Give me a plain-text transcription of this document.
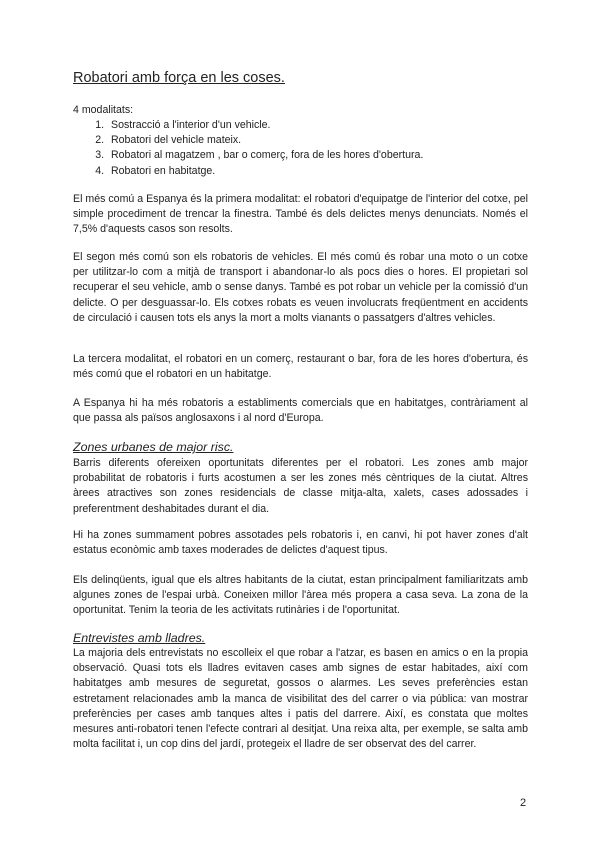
Robatori amb força en les coses.

4 modalitats:

1. Sostracció a l'interior d'un vehicle.
2. Robatori del vehicle mateix.
3. Robatori al magatzem , bar o comerç, fora de les hores d'obertura.
4. Robatori en habitatge.

El més comú a Espanya és la primera modalitat: el robatori d'equipatge de l'interior del cotxe, pel simple procediment de trencar la finestra. També és dels delictes menys denunciats. Només el 7,5% d'aquests casos son resolts.

El segon més comú son els robatoris de vehicles. El més comú és robar una moto o un cotxe per utilitzar-lo com a mitjà de transport i abandonar-lo als pocs dies o hores. El propietari sol recuperar el seu vehicle, amb o sense danys. També es pot robar un vehicle per la comissió d'un delicte. O per desguassar-lo. Els cotxes robats es veuen involucrats freqüentment en accidents de circulació i causen tots els anys la mort a molts vianants o passatgers d'altres vehicles.

La tercera modalitat, el robatori en un comerç, restaurant o bar, fora de les hores d'obertura, és més comú que el robatori en un habitatge.

A Espanya hi ha més robatoris a establiments comercials que en habitatges, contràriament al que passa als països anglosaxons i al nord d'Europa.

Zones urbanes de major risc.

Barris diferents ofereixen oportunitats diferentes per el robatori. Les zones amb major probabilitat de robatoris i furts acostumen a ser les zones més cèntriques de la ciutat. Altres àrees atractives son zones residencials de classe mitja-alta, xalets, cases adossades i preferentment deshabitades durant el dia.

Hi ha zones summament pobres assotades pels robatoris i, en canvi, hi pot haver zones d'alt estatus econòmic amb taxes moderades de delictes d'aquest tipus.

Els delinqüents, igual que els altres habitants de la ciutat, estan principalment familiaritzats amb algunes zones de l'espai urbà. Coneixen millor l'àrea més propera a casa seva. La zona de la oportunitat. Tenim la teoria de les activitats rutinàries i de l'oportunitat.

Entrevistes amb lladres.

La majoria dels entrevistats no escolleix el que robar a l'atzar, es basen en amics o en la propia observació. Quasi tots els lladres evitaven cases amb signes de estar habitades, així com habitatges amb mesures de seguretat, gossos o alarmes. Les seves preferències estan estretament relacionades amb la manca de visibilitat des del carrer o via pública: van mostrar preferències per cases amb tanques altes i patis del darrere. Així, es constata que moltes mesures anti-robatori tenen l'efecte contrari al desitjat. Una reixa alta, per exemple, se salta amb molta facilitat i, un cop dins del jardí, protegeix el lladre de ser observat des del carrer.

2
